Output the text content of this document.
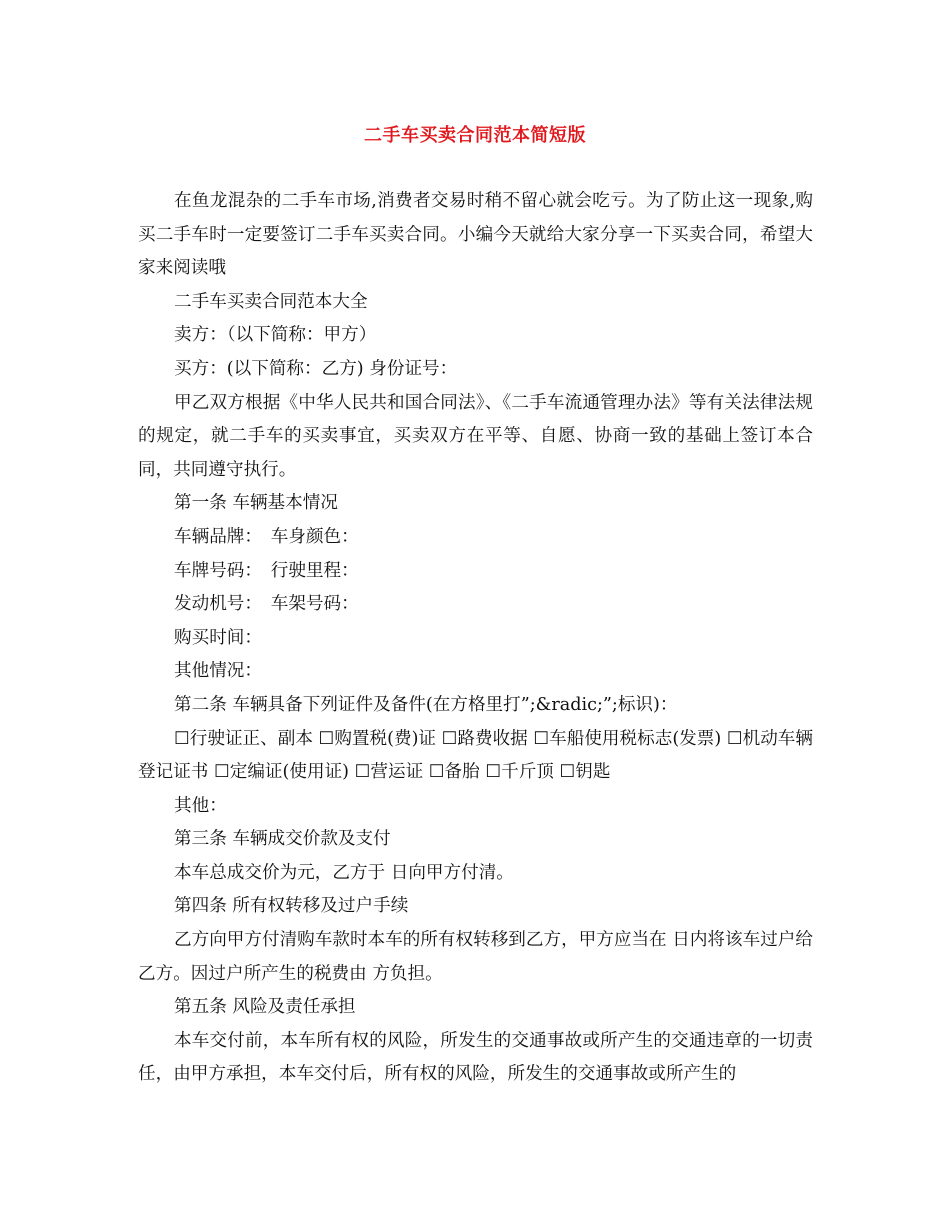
二手车买卖合同范本简短版

在鱼龙混杂的二手车市场,消费者交易时稍不留心就会吃亏。为了防止这一现象,购买二手车时一定要签订二手车买卖合同。小编今天就给大家分享一下买卖合同，希望大家来阅读哦

二手车买卖合同范本大全

卖方：（以下简称：甲方）

买方：(以下简称：乙方) 身份证号：

甲乙双方根据《中华人民共和国合同法》、《二手车流通管理办法》等有关法律法规的规定，就二手车的买卖事宜，买卖双方在平等、自愿、协商一致的基础上签订本合同，共同遵守执行。

第一条 车辆基本情况

车辆品牌：　车身颜色：

车牌号码：　行驶里程：

发动机号：　车架号码：

购买时间：

其他情况：

第二条 车辆具备下列证件及备件(在方格里打”;&radic;”;标识)：

☐行驶证正、副本 ☐购置税(费)证 ☐路费收据 ☐车船使用税标志(发票) ☐机动车辆登记证书 ☐定编证(使用证) ☐营运证 ☐备胎 ☐千斤顶 ☐钥匙

其他：

第三条 车辆成交价款及支付

本车总成交价为元，乙方于 日向甲方付清。

第四条 所有权转移及过户手续

乙方向甲方付清购车款时本车的所有权转移到乙方，甲方应当在 日内将该车过户给乙方。因过户所产生的税费由 方负担。

第五条 风险及责任承担

本车交付前，本车所有权的风险，所发生的交通事故或所产生的交通违章的一切责任，由甲方承担，本车交付后，所有权的风险，所发生的交通事故或所产生的
